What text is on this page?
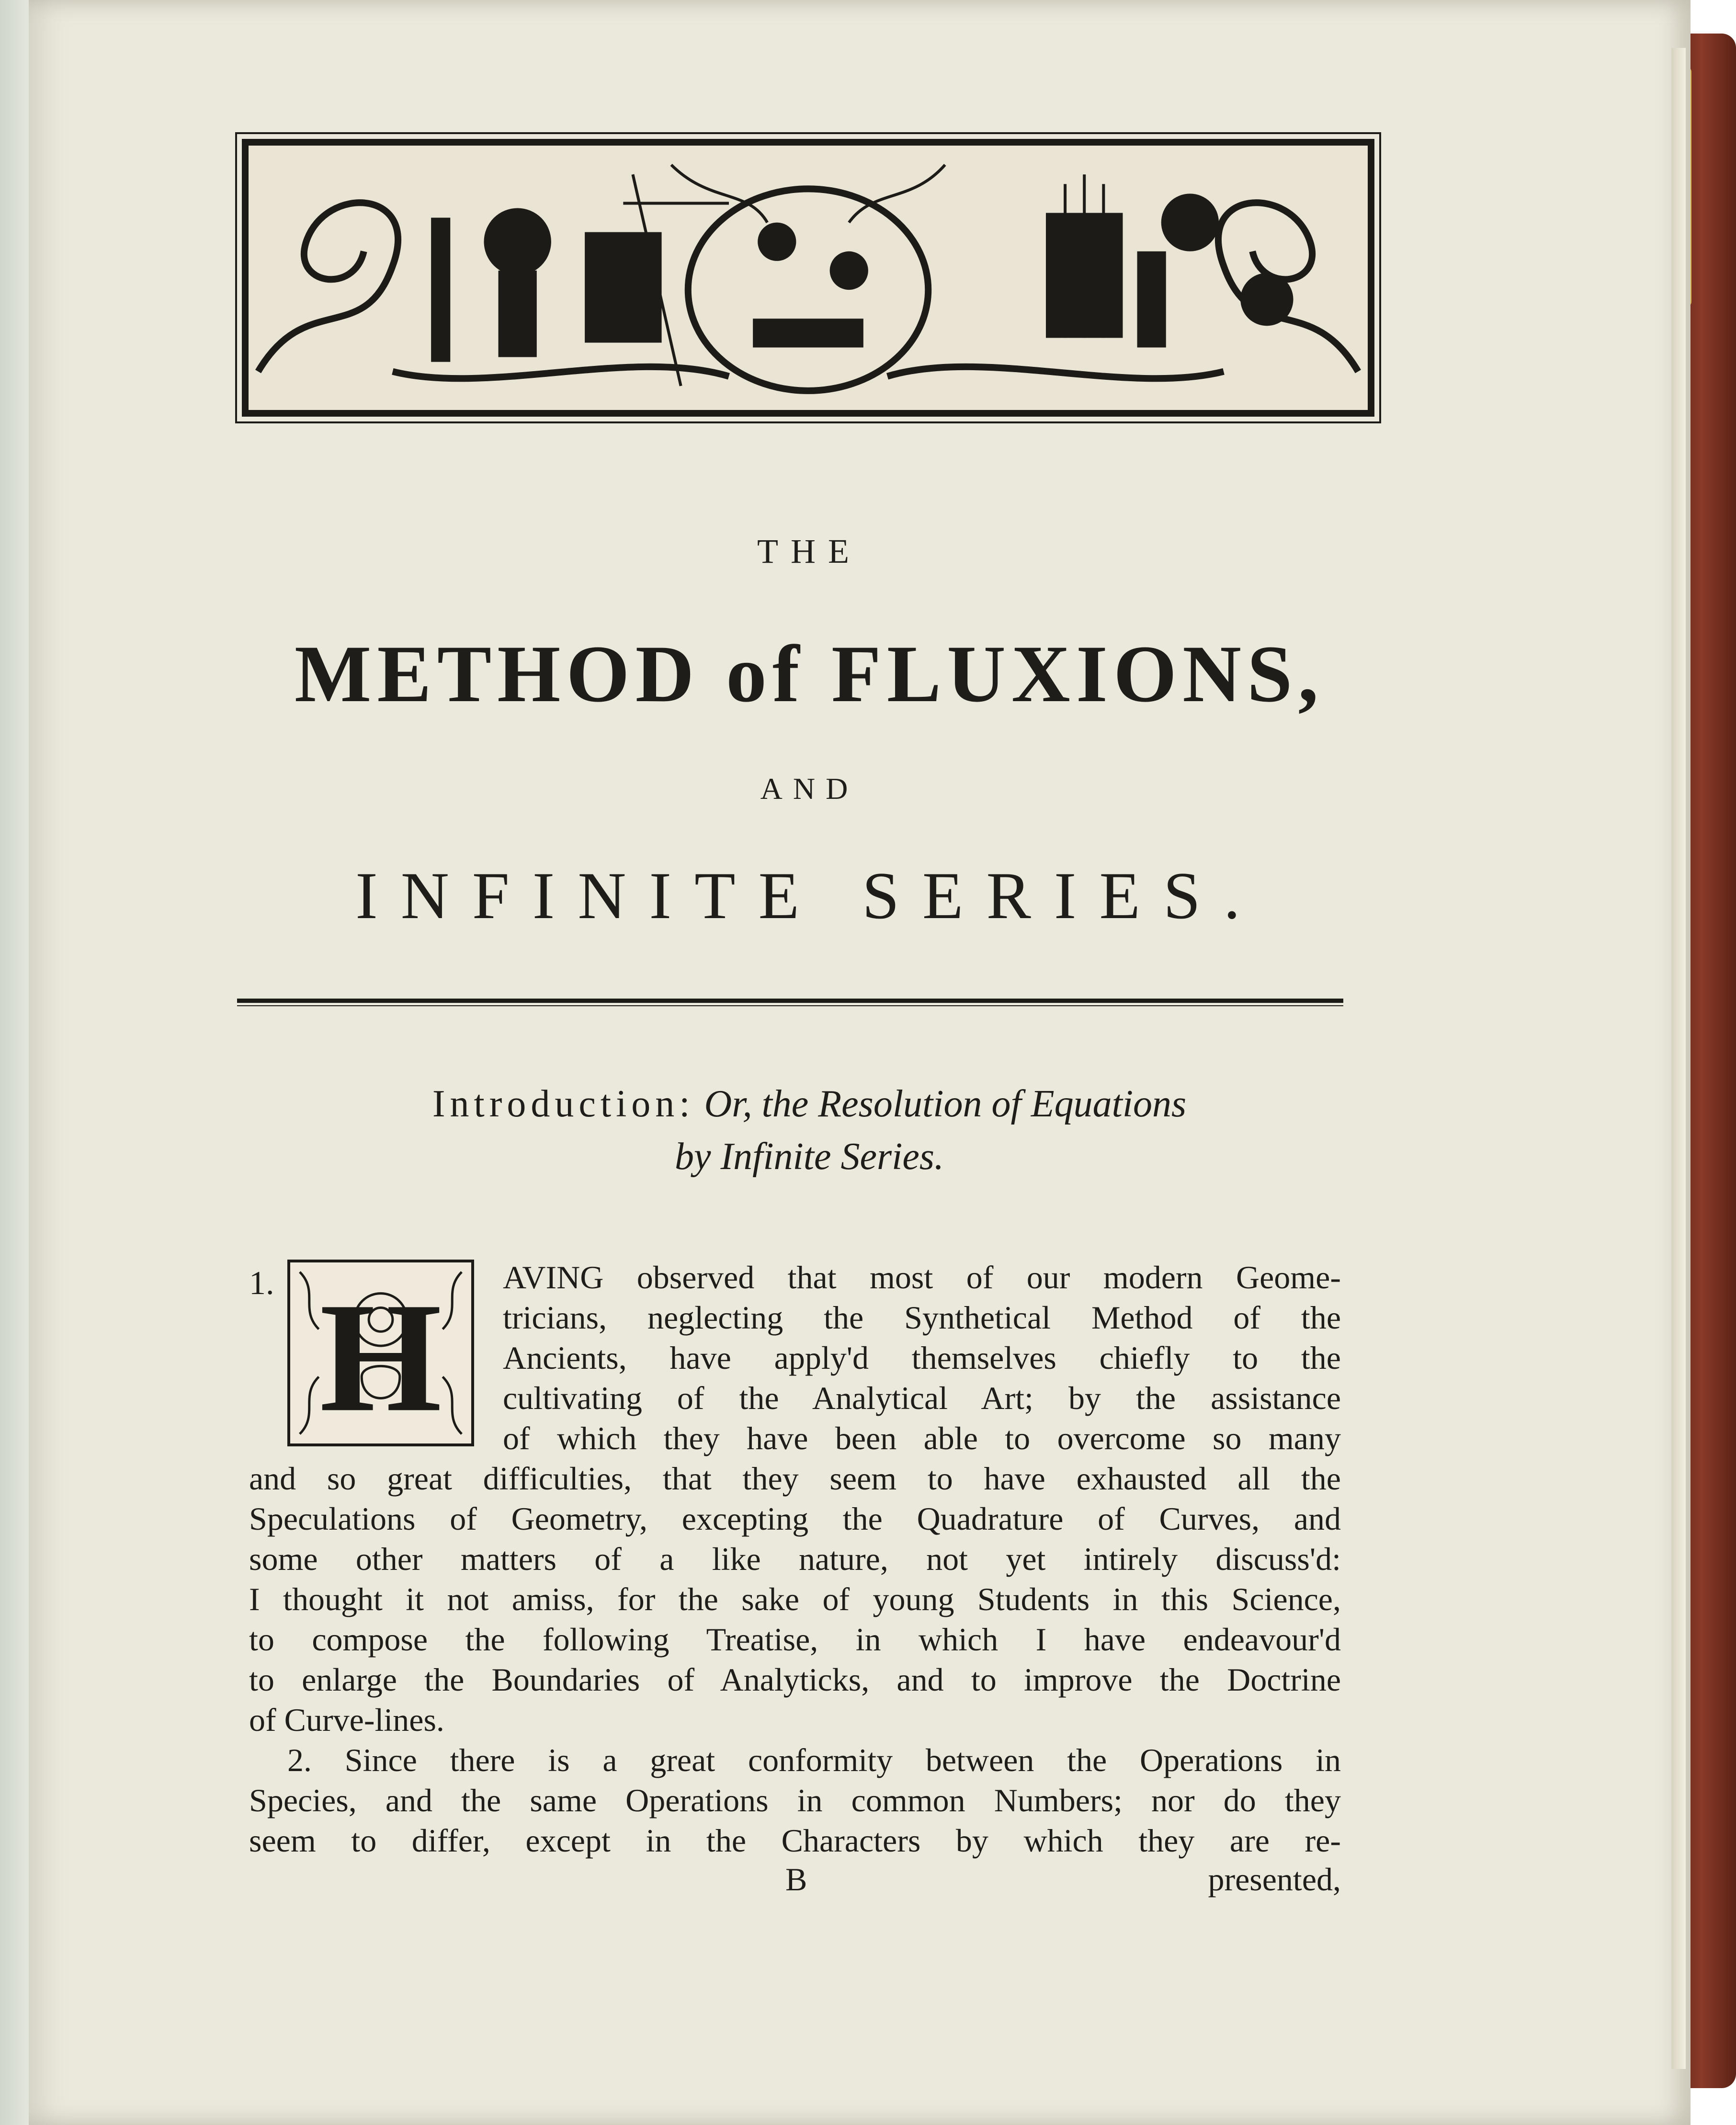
THE
METHOD of FLUXIONS,
AND
INFINITE SERIES.
Introduction: Or, the Resolution of Equations
by Infinite Series.
1. H AVING observed that most of our modern Geome-
tricians, neglecting the Synthetical Method of the
Ancients, have apply'd themselves chiefly to the
cultivating of the Analytical Art; by the assistance
of which they have been able to overcome so many
and so great difficulties, that they seem to have exhausted all the
Speculations of Geometry, excepting the Quadrature of Curves, and
some other matters of a like nature, not yet intirely discuss'd:
I thought it not amiss, for the sake of young Students in this Science,
to compose the following Treatise, in which I have endeavour'd
to enlarge the Boundaries of Analyticks, and to improve the Doctrine
of Curve-lines.
2. Since there is a great conformity between the Operations in
Species, and the same Operations in common Numbers; nor do they
seem to differ, except in the Characters by which they are re-
B	presented,
